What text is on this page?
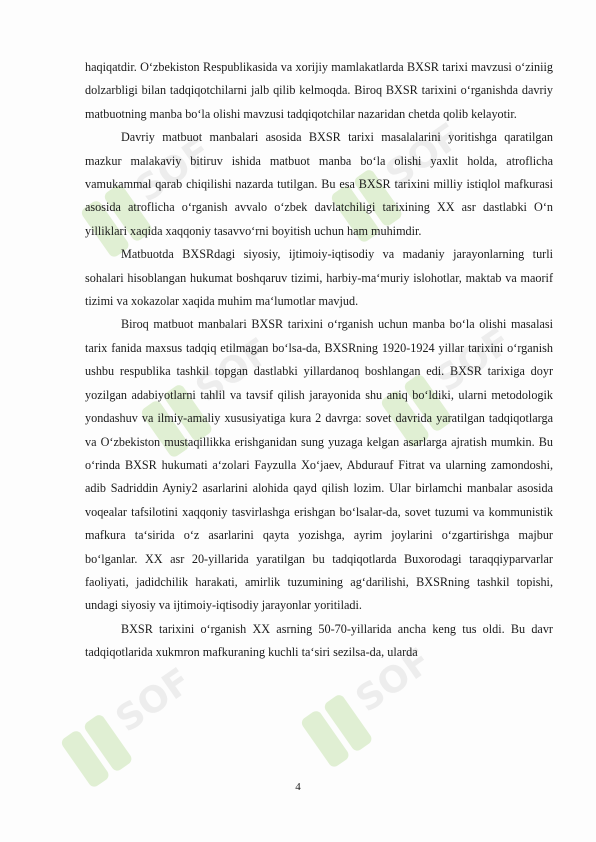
SOF	SOF
SOF	SOF
SOF	SOF

haqiqatdir. O‘zbekiston Respublikasida va xorijiy mamlakatlarda BXSR tarixi mavzusi o‘ziniig dolzarbligi bilan tadqiqotchilarni jalb qilib kelmoqda. Biroq BXSR tarixini o‘rganishda davriy matbuotning manba bo‘la olishi mavzusi tadqiqotchilar nazaridan chetda qolib kelayotir.

Davriy matbuot manbalari asosida BXSR tarixi masalalarini yoritishga qaratilgan mazkur malakaviy bitiruv ishida matbuot manba bo‘la olishi yaxlit holda, atroflicha vamukammal qarab chiqilishi nazarda tutilgan. Bu esa BXSR tarixini milliy istiqlol mafkurasi asosida atroflicha o‘rganish avvalo o‘zbek davlatchiligi tarixining XX asr dastlabki O‘n yilliklari xaqida xaqqoniy tasavvo‘rni boyitish uchun ham muhimdir.

Matbuotda BXSRdagi siyosiy, ijtimoiy-iqtisodiy va madaniy jarayonlarning turli sohalari hisoblangan hukumat boshqaruv tizimi, harbiy-ma‘muriy islohotlar, maktab va maorif tizimi va xokazolar xaqida muhim ma‘lumotlar mavjud.

Biroq matbuot manbalari BXSR tarixini o‘rganish uchun manba bo‘la olishi masalasi tarix fanida maxsus tadqiq etilmagan bo‘lsa-da, BXSRning 1920-1924 yillar tarixini o‘rganish ushbu respublika tashkil topgan dastlabki yillardanoq boshlangan edi. BXSR tarixiga doyr yozilgan adabiyotlarni tahlil va tavsif qilish jarayonida shu aniq bo‘ldiki, ularni metodologik yondashuv va ilmiy-amaliy xususiyatiga kura 2 davrga: sovet davrida yaratilgan tadqiqotlarga va O‘zbekiston mustaqillikka erishganidan sung yuzaga kelgan asarlarga ajratish mumkin. Bu o‘rinda BXSR hukumati a‘zolari Fayzulla Xo‘jaev, Abdurauf Fitrat va ularning zamondoshi, adib Sadriddin Ayniy2 asarlarini alohida qayd qilish lozim. Ular birlamchi manbalar asosida voqealar tafsilotini xaqqoniy tasvirlashga erishgan bo‘lsalar-da, sovet tuzumi va kommunistik mafkura ta‘sirida o‘z asarlarini qayta yozishga, ayrim joylarini o‘zgartirishga majbur bo‘lganlar. XX asr 20-yillarida yaratilgan bu tadqiqotlarda Buxorodagi taraqqiyparvarlar faoliyati, jadidchilik harakati, amirlik tuzumining ag‘darilishi, BXSRning tashkil topishi, undagi siyosiy va ijtimoiy-iqtisodiy jarayonlar yoritiladi.

BXSR tarixini o‘rganish XX asrning 50-70-yillarida ancha keng tus oldi. Bu davr tadqiqotlarida xukmron mafkuraning kuchli ta‘siri sezilsa-da, ularda

4
